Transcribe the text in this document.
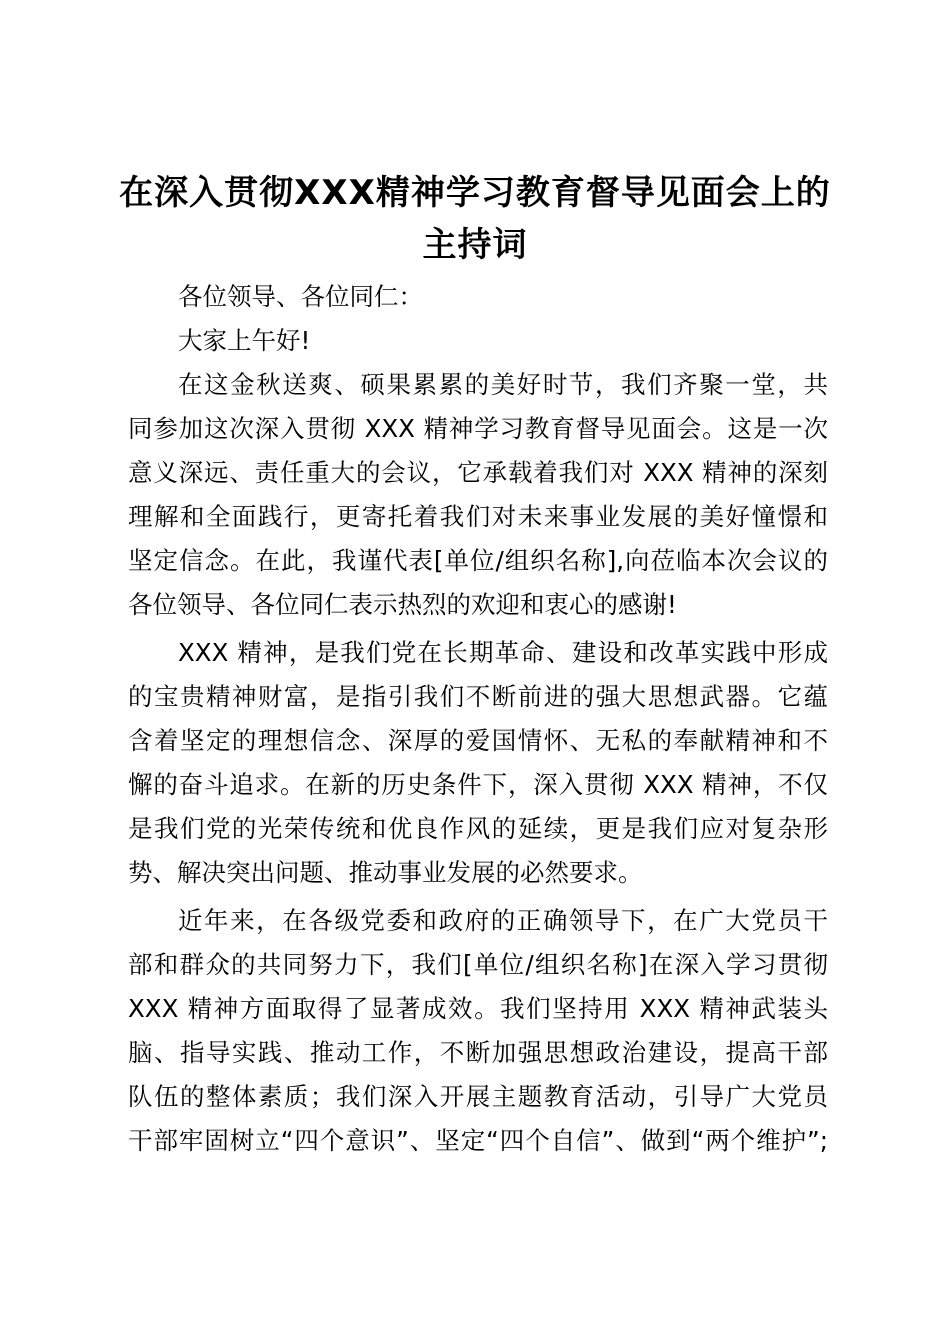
在深入贯彻XXX精神学习教育督导见面会上的
主持词
各位领导、各位同仁：
大家上午好!
在这金秋送爽、硕果累累的美好时节，我们齐聚一堂，共
同参加这次深入贯彻 XXX 精神学习教育督导见面会。这是一次
意义深远、责任重大的会议，它承载着我们对 XXX 精神的深刻
理解和全面践行，更寄托着我们对未来事业发展的美好憧憬和
坚定信念。在此，我谨代表[单位/组织名称],向莅临本次会议的
各位领导、各位同仁表示热烈的欢迎和衷心的感谢!
XXX 精神，是我们党在长期革命、建设和改革实践中形成
的宝贵精神财富，是指引我们不断前进的强大思想武器。它蕴
含着坚定的理想信念、深厚的爱国情怀、无私的奉献精神和不
懈的奋斗追求。在新的历史条件下，深入贯彻 XXX 精神，不仅
是我们党的光荣传统和优良作风的延续，更是我们应对复杂形
势、解决突出问题、推动事业发展的必然要求。
近年来，在各级党委和政府的正确领导下，在广大党员干
部和群众的共同努力下，我们[单位/组织名称]在深入学习贯彻
XXX 精神方面取得了显著成效。我们坚持用 XXX 精神武装头
脑、指导实践、推动工作，不断加强思想政治建设，提高干部
队伍的整体素质；我们深入开展主题教育活动，引导广大党员
干部牢固树立“四个意识”、坚定“四个自信”、做到“两个维护”;
